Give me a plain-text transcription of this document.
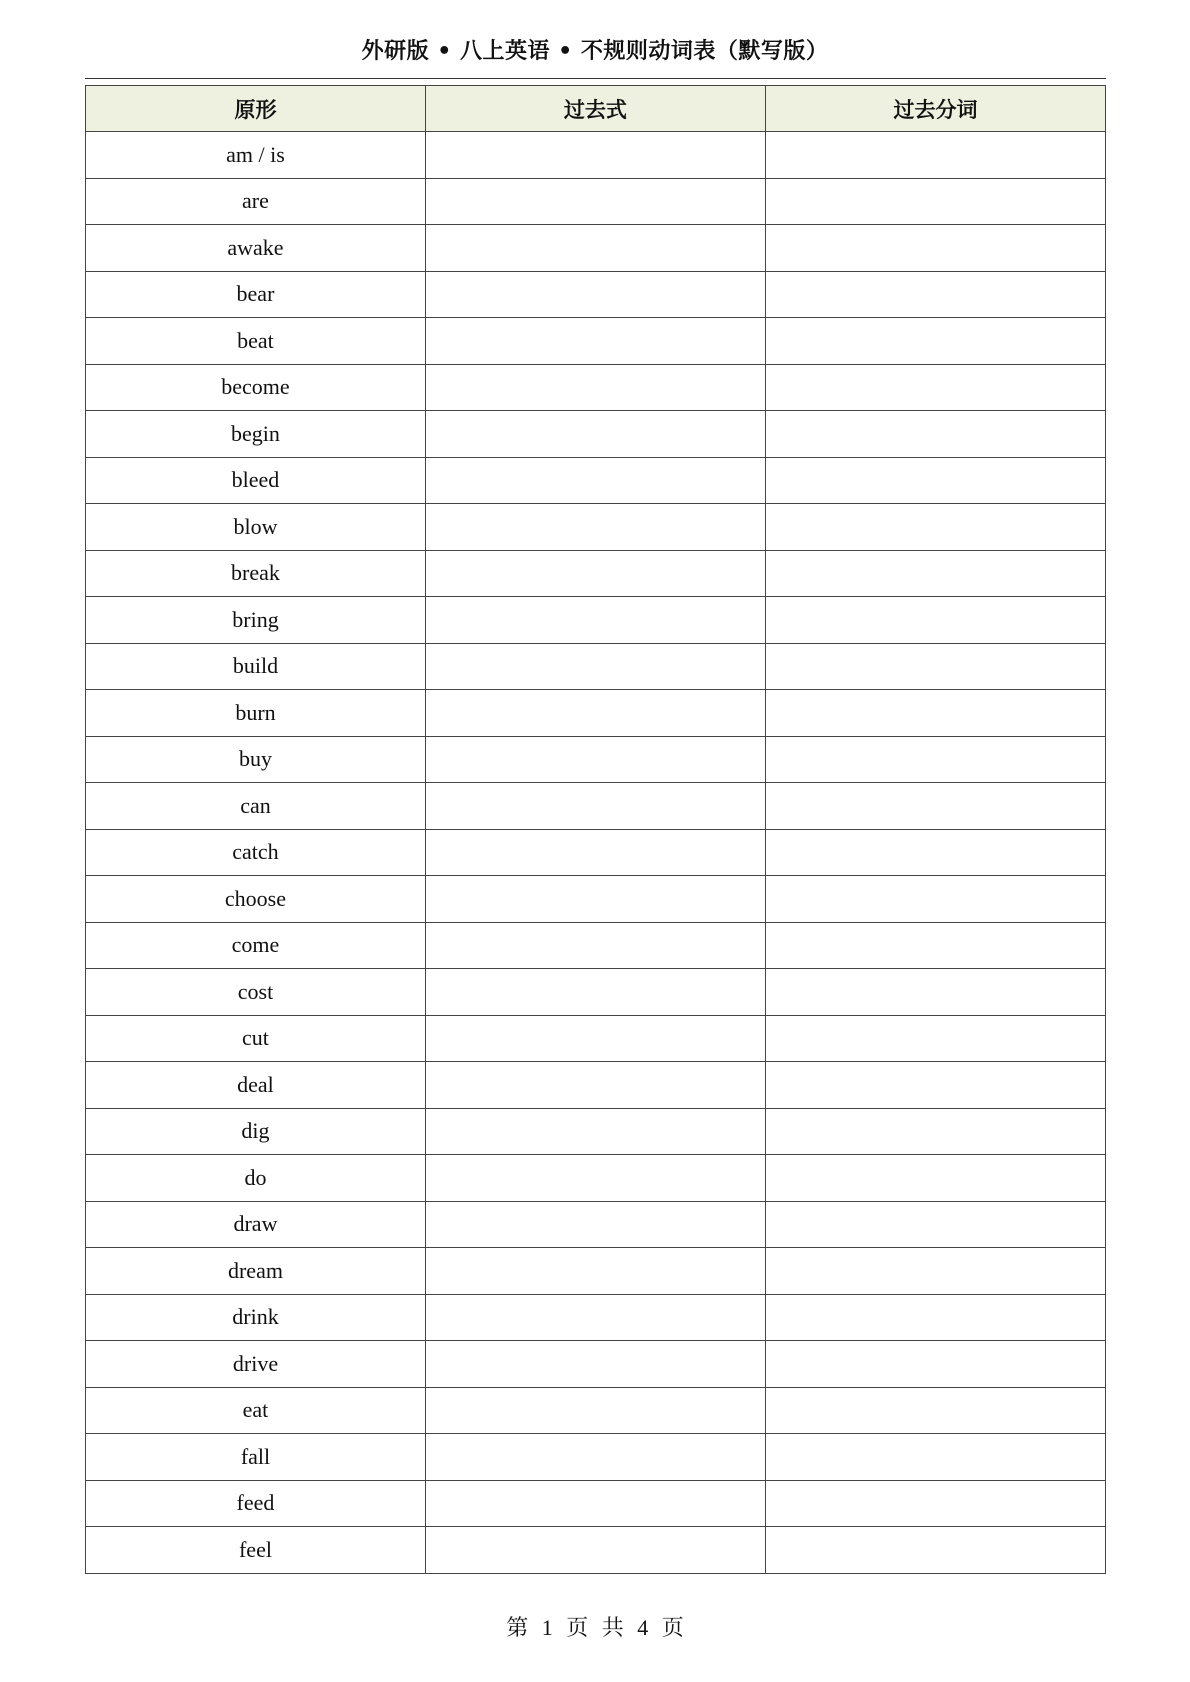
外研版 • 八上英语 • 不规则动词表（默写版）
原形	过去式	过去分词
am / is		
are		
awake		
bear		
beat		
become		
begin		
bleed		
blow		
break		
bring		
build		
burn		
buy		
can		
catch		
choose		
come		
cost		
cut		
deal		
dig		
do		
draw		
dream		
drink		
drive		
eat		
fall		
feed		
feel		
第 1 页 共 4 页
